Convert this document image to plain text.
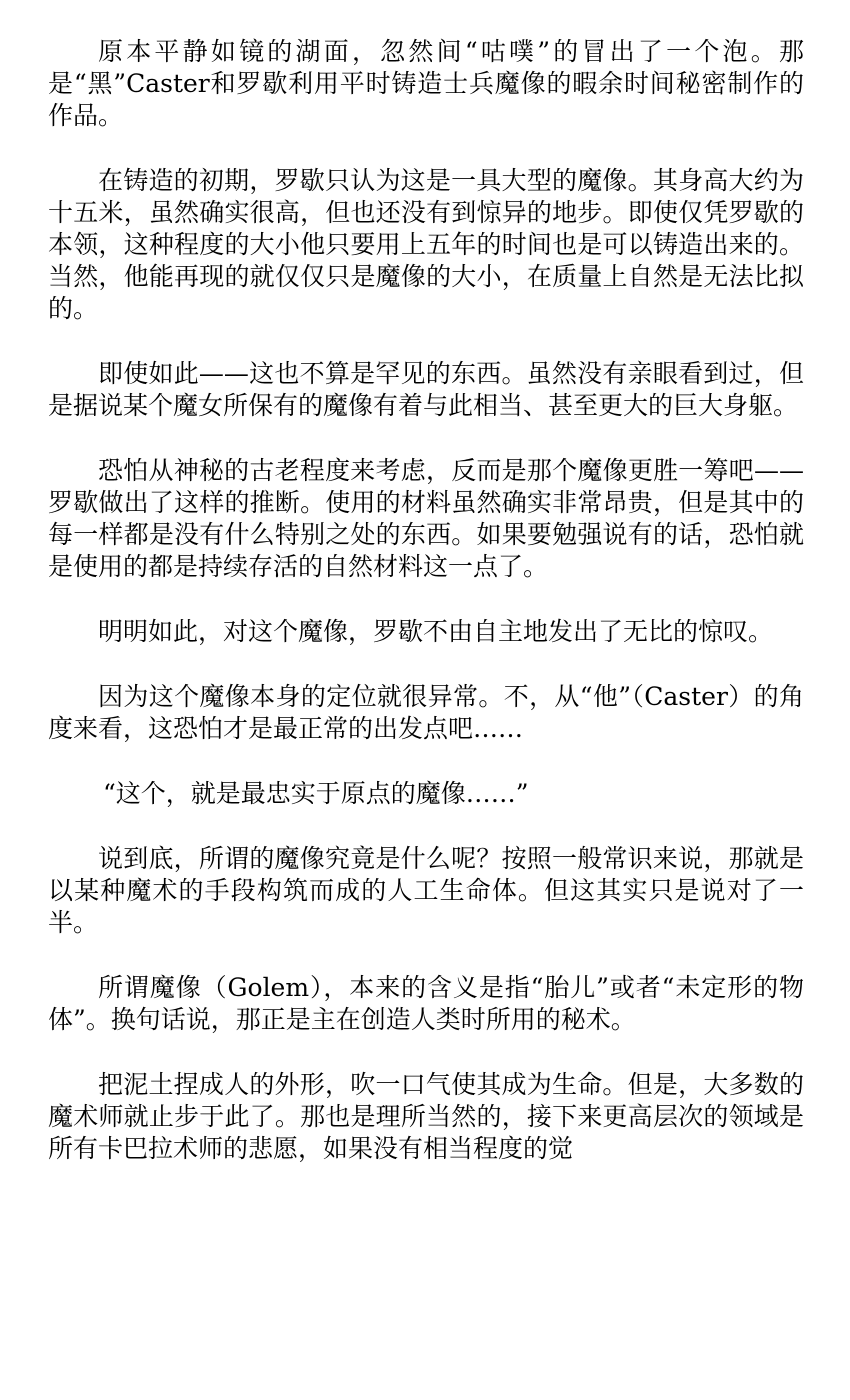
原本平静如镜的湖面，忽然间“咕噗”的冒出了一个泡。那是“黑”Caster和罗歇利用平时铸造士兵魔像的暇余时间秘密制作的作品。

在铸造的初期，罗歇只认为这是一具大型的魔像。其身高大约为十五米，虽然确实很高，但也还没有到惊异的地步。即使仅凭罗歇的本领，这种程度的大小他只要用上五年的时间也是可以铸造出来的。当然，他能再现的就仅仅只是魔像的大小，在质量上自然是无法比拟的。

即使如此——这也不算是罕见的东西。虽然没有亲眼看到过，但是据说某个魔女所保有的魔像有着与此相当、甚至更大的巨大身躯。

恐怕从神秘的古老程度来考虑，反而是那个魔像更胜一筹吧——罗歇做出了这样的推断。使用的材料虽然确实非常昂贵，但是其中的每一样都是没有什么特别之处的东西。如果要勉强说有的话，恐怕就是使用的都是持续存活的自然材料这一点了。

明明如此，对这个魔像，罗歇不由自主地发出了无比的惊叹。

因为这个魔像本身的定位就很异常。不，从“他”（Caster）的角度来看，这恐怕才是最正常的出发点吧……

“这个，就是最忠实于原点的魔像……”

说到底，所谓的魔像究竟是什么呢？按照一般常识来说，那就是以某种魔术的手段构筑而成的人工生命体。但这其实只是说对了一半。

所谓魔像（Golem），本来的含义是指“胎儿”或者“未定形的物体”。换句话说，那正是主在创造人类时所用的秘术。

把泥土捏成人的外形，吹一口气使其成为生命。但是，大多数的魔术师就止步于此了。那也是理所当然的，接下来更高层次的领域是所有卡巴拉术师的悲愿，如果没有相当程度的觉
